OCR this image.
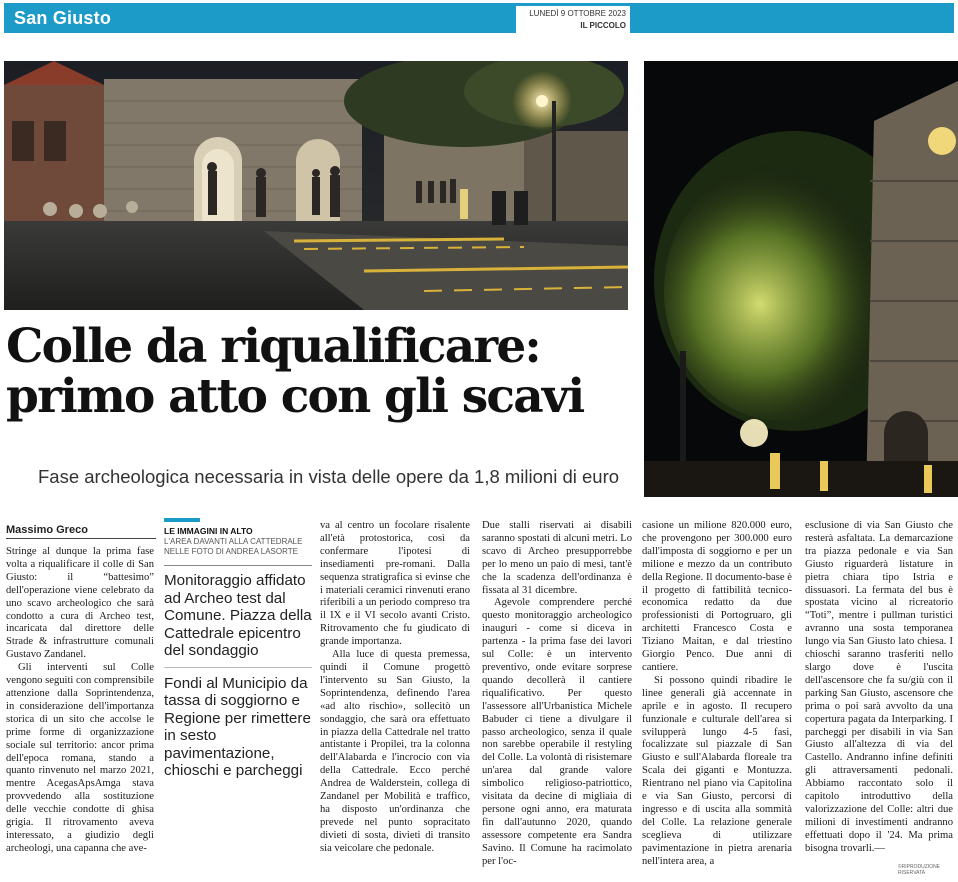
San Giusto	LUNEDÌ 9 OTTOBRE 2023
IL PICCOLO
Colle da riqualificare: primo atto con gli scavi
Fase archeologica necessaria in vista delle opere da 1,8 milioni di euro
Massimo Greco

Stringe al dunque la prima fase volta a riqualificare il colle di San Giusto: il “battesimo” dell'operazione viene celebrato da uno scavo archeologico che sarà condotto a cura di Archeo test, incaricata dal direttore delle Strade & infrastrutture comunali Gustavo Zandanel.

Gli interventi sul Colle vengono seguiti con comprensibile attenzione dalla Soprintendenza, in considerazione dell'importanza storica di un sito che accolse le prime forme di organizzazione sociale sul territorio: ancor prima dell'epoca romana, stando a quanto rinvenuto nel marzo 2021, mentre AcegasApsAmga stava provvedendo alla sostituzione delle vecchie condotte di ghisa grigia. Il ritrovamento aveva interessato, a giudizio degli archeologi, una capanna che ave-

LE IMMAGINI IN ALTO
L'AREA DAVANTI ALLA CATTEDRALE NELLE FOTO DI ANDREA LASORTE
Monitoraggio affidato ad Archeo test dal Comune. Piazza della Cattedrale epicentro del sondaggio
Fondi al Municipio da tassa di soggiorno e Regione per rimettere in sesto pavimentazione, chioschi e parcheggi

va al centro un focolare risalente all'età protostorica, così da confermare l'ipotesi di insediamenti pre-romani. Dalla sequenza stratigrafica si evinse che i materiali ceramici rinvenuti erano riferibili a un periodo compreso tra il IX e il VI secolo avanti Cristo. Ritrovamento che fu giudicato di grande importanza.

Alla luce di questa premessa, quindi il Comune progettò l'intervento su San Giusto, la Soprintendenza, definendo l'area «ad alto rischio», sollecitò un sondaggio, che sarà ora effettuato in piazza della Cattedrale nel tratto antistante i Propilei, tra la colonna dell'Alabarda e l'incrocio con via della Cattedrale. Ecco perché Andrea de Walderstein, collega di Zandanel per Mobilità e traffico, ha disposto un'ordinanza che prevede nel punto sopracitato divieti di sosta, divieti di transito sia veicolare che pedonale.

Due stalli riservati ai disabili saranno spostati di alcuni metri. Lo scavo di Archeo presupporrebbe per lo meno un paio di mesi, tant'è che la scadenza dell'ordinanza è fissata al 31 dicembre.

Agevole comprendere perché questo monitoraggio archeologico inauguri - come si diceva in partenza - la prima fase dei lavori sul Colle: è un intervento preventivo, onde evitare sorprese quando decollerà il cantiere riqualificativo. Per questo l'assessore all'Urbanistica Michele Babuder ci tiene a divulgare il passo archeologico, senza il quale non sarebbe operabile il restyling del Colle. La volontà di risistemare un'area dal grande valore simbolico religioso-patriottico, visitata da decine di migliaia di persone ogni anno, era maturata fin dall'autunno 2020, quando assessore competente era Sandra Savino. Il Comune ha racimolato per l'oc-

casione un milione 820.000 euro, che provengono per 300.000 euro dall'imposta di soggiorno e per un milione e mezzo da un contributo della Regione. Il documento-base è il progetto di fattibilità tecnico-economica redatto da due professionisti di Portogruaro, gli architetti Francesco Costa e Tiziano Maitan, e dal triestino Giorgio Penco. Due anni di cantiere.

Si possono quindi ribadire le linee generali già accennate in aprile e in agosto. Il recupero funzionale e culturale dell'area si svilupperà lungo 4-5 fasi, focalizzate sul piazzale di San Giusto e sull'Alabarda floreale tra Scala dei giganti e Montuzza. Rientrano nel piano via Capitolina e via San Giusto, percorsi di ingresso e di uscita alla sommità del Colle. La relazione generale sceglieva di utilizzare pavimentazione in pietra arenaria nell'intera area, a

esclusione di via San Giusto che resterà asfaltata. La demarcazione tra piazza pedonale e via San Giusto riguarderà listature in pietra chiara tipo Istria e dissuasori. La fermata del bus è spostata vicino al ricreatorio “Toti”, mentre i pullman turistici avranno una sosta temporanea lungo via San Giusto lato chiesa. I chioschi saranno trasferiti nello slargo dove è l'uscita dell'ascensore che fa su/giù con il parking San Giusto, ascensore che prima o poi sarà avvolto da una copertura pagata da Interparking. I parcheggi per disabili in via San Giusto all'altezza di via del Castello. Andranno infine definiti gli attraversamenti pedonali. Abbiamo raccontato solo il capitolo introduttivo della valorizzazione del Colle: altri due milioni di investimenti andranno effettuati dopo il '24. Ma prima bisogna trovarli.—

©RIPRODUZIONE RISERVATA
